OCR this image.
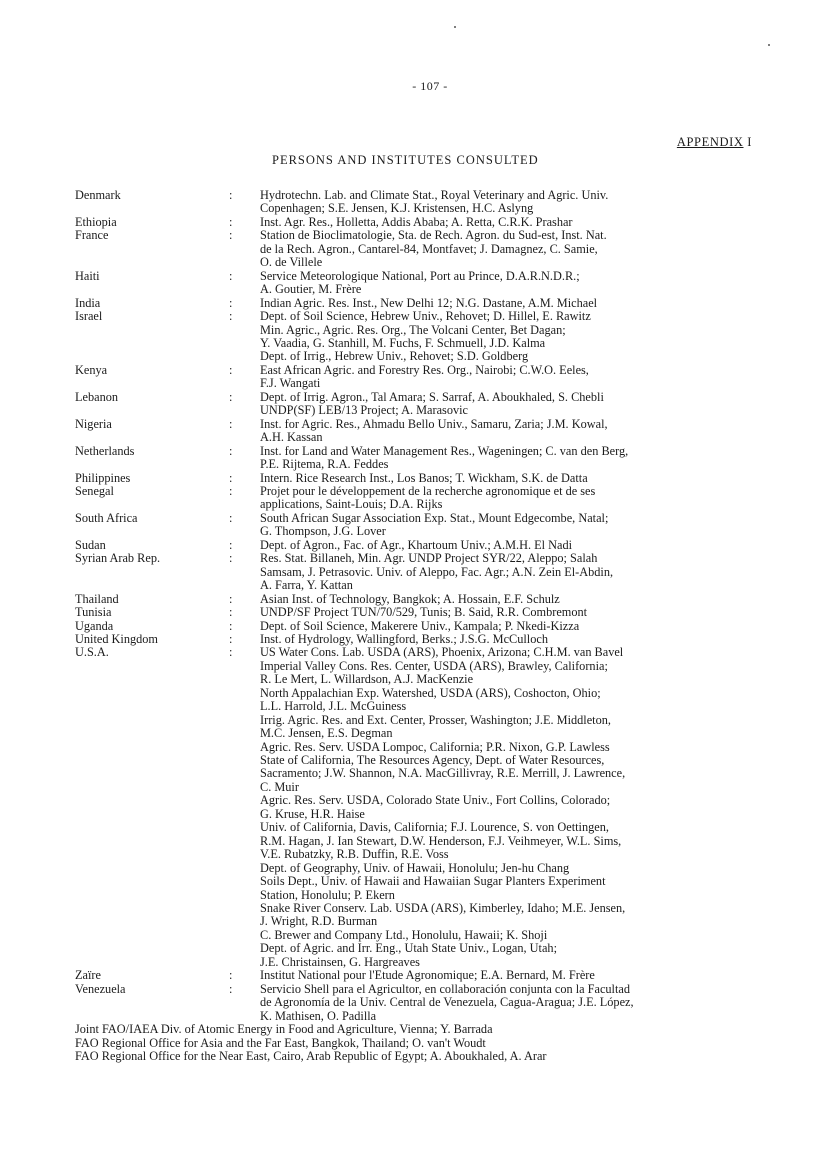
- 107 -
APPENDIX I
PERSONS AND INSTITUTES CONSULTED
Denmark	:	Hydrotechn. Lab. and Climate Stat., Royal Veterinary and Agric. Univ.
Copenhagen; S.E. Jensen, K.J. Kristensen, H.C. Aslyng
Ethiopia	:	Inst. Agr. Res., Holletta, Addis Ababa; A. Retta, C.R.K. Prashar
France	:	Station de Bioclimatologie, Sta. de Rech. Agron. du Sud-est, Inst. Nat.
de la Rech. Agron., Cantarel-84, Montfavet; J. Damagnez, C. Samie,
O. de Villele
Haiti	:	Service Meteorologique National, Port au Prince, D.A.R.N.D.R.;
A. Goutier, M. Frère
India	:	Indian Agric. Res. Inst., New Delhi 12; N.G. Dastane, A.M. Michael
Israel	:	Dept. of Soil Science, Hebrew Univ., Rehovet; D. Hillel, E. Rawitz
Min. Agric., Agric. Res. Org., The Volcani Center, Bet Dagan;
Y. Vaadia, G. Stanhill, M. Fuchs, F. Schmuell, J.D. Kalma
Dept. of Irrig., Hebrew Univ., Rehovet; S.D. Goldberg
Kenya	:	East African Agric. and Forestry Res. Org., Nairobi; C.W.O. Eeles,
F.J. Wangati
Lebanon	:	Dept. of Irrig. Agron., Tal Amara; S. Sarraf, A. Aboukhaled, S. Chebli
UNDP(SF) LEB/13 Project; A. Marasovic
Nigeria	:	Inst. for Agric. Res., Ahmadu Bello Univ., Samaru, Zaria; J.M. Kowal,
A.H. Kassan
Netherlands	:	Inst. for Land and Water Management Res., Wageningen; C. van den Berg,
P.E. Rijtema, R.A. Feddes
Philippines	:	Intern. Rice Research Inst., Los Banos; T. Wickham, S.K. de Datta
Senegal	:	Projet pour le développement de la recherche agronomique et de ses
applications, Saint-Louis; D.A. Rijks
South Africa	:	South African Sugar Association Exp. Stat., Mount Edgecombe, Natal;
G. Thompson, J.G. Lover
Sudan	:	Dept. of Agron., Fac. of Agr., Khartoum Univ.; A.M.H. El Nadi
Syrian Arab Rep.	:	Res. Stat. Billaneh, Min. Agr. UNDP Project SYR/22, Aleppo; Salah
Samsam, J. Petrasovic. Univ. of Aleppo, Fac. Agr.; A.N. Zein El-Abdin,
A. Farra, Y. Kattan
Thailand	:	Asian Inst. of Technology, Bangkok; A. Hossain, E.F. Schulz
Tunisia	:	UNDP/SF Project TUN/70/529, Tunis; B. Said, R.R. Combremont
Uganda	:	Dept. of Soil Science, Makerere Univ., Kampala; P. Nkedi-Kizza
United Kingdom	:	Inst. of Hydrology, Wallingford, Berks.; J.S.G. McCulloch
U.S.A.	:	US Water Cons. Lab. USDA (ARS), Phoenix, Arizona; C.H.M. van Bavel
Imperial Valley Cons. Res. Center, USDA (ARS), Brawley, California;
R. Le Mert, L. Willardson, A.J. MacKenzie
North Appalachian Exp. Watershed, USDA (ARS), Coshocton, Ohio;
L.L. Harrold, J.L. McGuiness
Irrig. Agric. Res. and Ext. Center, Prosser, Washington; J.E. Middleton,
M.C. Jensen, E.S. Degman
Agric. Res. Serv. USDA Lompoc, California; P.R. Nixon, G.P. Lawless
State of California, The Resources Agency, Dept. of Water Resources,
Sacramento; J.W. Shannon, N.A. MacGillivray, R.E. Merrill, J. Lawrence,
C. Muir
Agric. Res. Serv. USDA, Colorado State Univ., Fort Collins, Colorado;
G. Kruse, H.R. Haise
Univ. of California, Davis, California; F.J. Lourence, S. von Oettingen,
R.M. Hagan, J. Ian Stewart, D.W. Henderson, F.J. Veihmeyer, W.L. Sims,
V.E. Rubatzky, R.B. Duffin, R.E. Voss
Dept. of Geography, Univ. of Hawaii, Honolulu; Jen-hu Chang
Soils Dept., Univ. of Hawaii and Hawaiian Sugar Planters Experiment
Station, Honolulu; P. Ekern
Snake River Conserv. Lab. USDA (ARS), Kimberley, Idaho; M.E. Jensen,
J. Wright, R.D. Burman
C. Brewer and Company Ltd., Honolulu, Hawaii; K. Shoji
Dept. of Agric. and Irr. Eng., Utah State Univ., Logan, Utah;
J.E. Christainsen, G. Hargreaves
Zaïre	:	Institut National pour l'Etude Agronomique; E.A. Bernard, M. Frère
Venezuela	:	Servicio Shell para el Agricultor, en collaboración conjunta con la Facultad
de Agronomía de la Univ. Central de Venezuela, Cagua-Aragua; J.E. López,
K. Mathisen, O. Padilla
Joint FAO/IAEA Div. of Atomic Energy in Food and Agriculture, Vienna; Y. Barrada
FAO Regional Office for Asia and the Far East, Bangkok, Thailand; O. van't Woudt
FAO Regional Office for the Near East, Cairo, Arab Republic of Egypt; A. Aboukhaled, A. Arar
